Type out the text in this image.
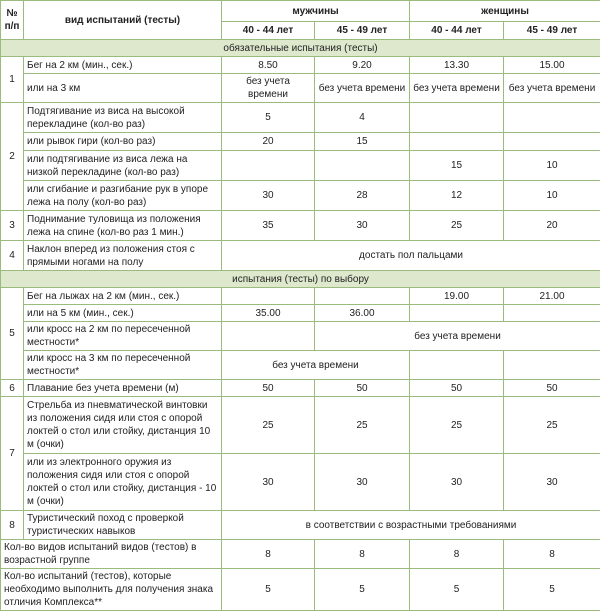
№ п/п	вид испытаний (тесты)	мужчины		женщины	
		40 - 44 лет	45 - 49 лет	40 - 44 лет	45 - 49 лет
обязательные испытания (тесты)					
1	Бег на 2 км (мин., сек.)	8.50	9.20	13.30	15.00
	или на 3 км	без учета времени	без учета времени	без учета времени	без учета времени
2	Подтягивание из виса на высокой перекладине (кол-во раз)	5	4		
	или рывок гири (кол-во раз)	20	15		
	или подтягивание из виса лежа на низкой перекладине (кол-во раз)			15	10
	или сгибание и разгибание рук в упоре лежа на полу (кол-во раз)	30	28	12	10
3	Поднимание туловища из положения лежа на спине (кол-во раз 1 мин.)	35	30	25	20
4	Наклон вперед из положения стоя с прямыми ногами на полу	достать пол пальцами			
испытания (тесты) по выбору					
5	Бег на лыжах на 2 км (мин., сек.)			19.00	21.00
	или на 5 км (мин., сек.)	35.00	36.00		
	или кросс на 2 км по пересеченной местности*		без учета времени		
	или кросс на 3 км по пересеченной местности*	без учета времени			
6	Плавание без учета времени (м)	50	50	50	50
7	Стрельба из пневматической винтовки из положения сидя или стоя с опорой локтей о стол или стойку, дистанция 10 м (очки)	25	25	25	25
	или из электронного оружия из положения сидя или стоя с опорой локтей о стол или стойку, дистанция - 10 м (очки)	30	30	30	30
8	Туристический поход с проверкой туристических навыков	в соответствии с возрастными требованиями			
Кол-во видов испытаний видов (тестов) в возрастной группе		8	8	8	8
Кол-во испытаний (тестов), которые необходимо выполнить для получения знака отличия Комплекса**		5	5	5	5
